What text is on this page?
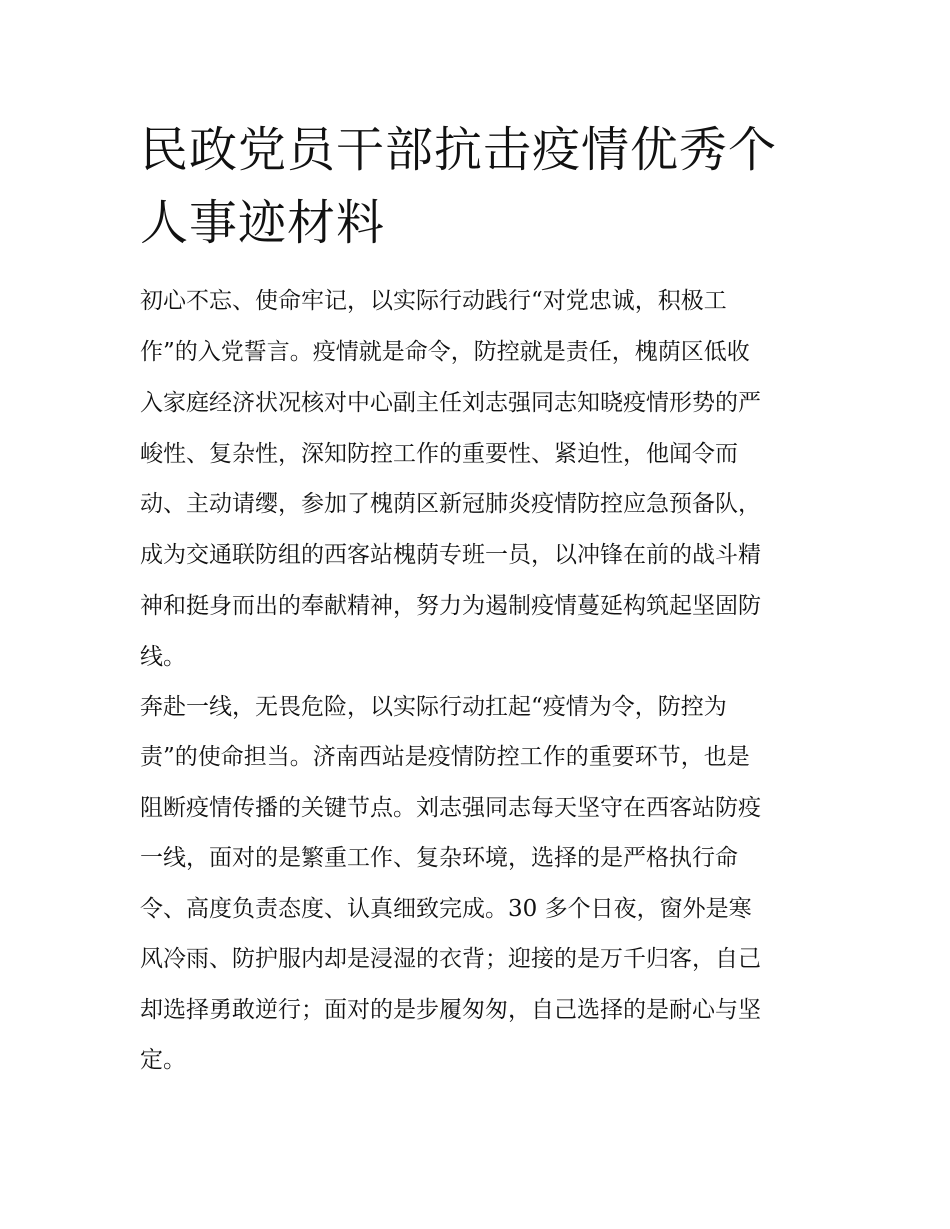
民政党员干部抗击疫情优秀个
人事迹材料
初心不忘、使命牢记，以实际行动践行“对党忠诚，积极工
作”的入党誓言。疫情就是命令，防控就是责任，槐荫区低收
入家庭经济状况核对中心副主任刘志强同志知晓疫情形势的严
峻性、复杂性，深知防控工作的重要性、紧迫性，他闻令而
动、主动请缨，参加了槐荫区新冠肺炎疫情防控应急预备队，
成为交通联防组的西客站槐荫专班一员，以冲锋在前的战斗精
神和挺身而出的奉献精神，努力为遏制疫情蔓延构筑起坚固防
线。
奔赴一线，无畏危险，以实际行动扛起“疫情为令，防控为
责”的使命担当。济南西站是疫情防控工作的重要环节，也是
阻断疫情传播的关键节点。刘志强同志每天坚守在西客站防疫
一线，面对的是繁重工作、复杂环境，选择的是严格执行命
令、高度负责态度、认真细致完成。30 多个日夜，窗外是寒
风冷雨、防护服内却是浸湿的衣背；迎接的是万千归客，自己
却选择勇敢逆行；面对的是步履匆匆，自己选择的是耐心与坚
定。
